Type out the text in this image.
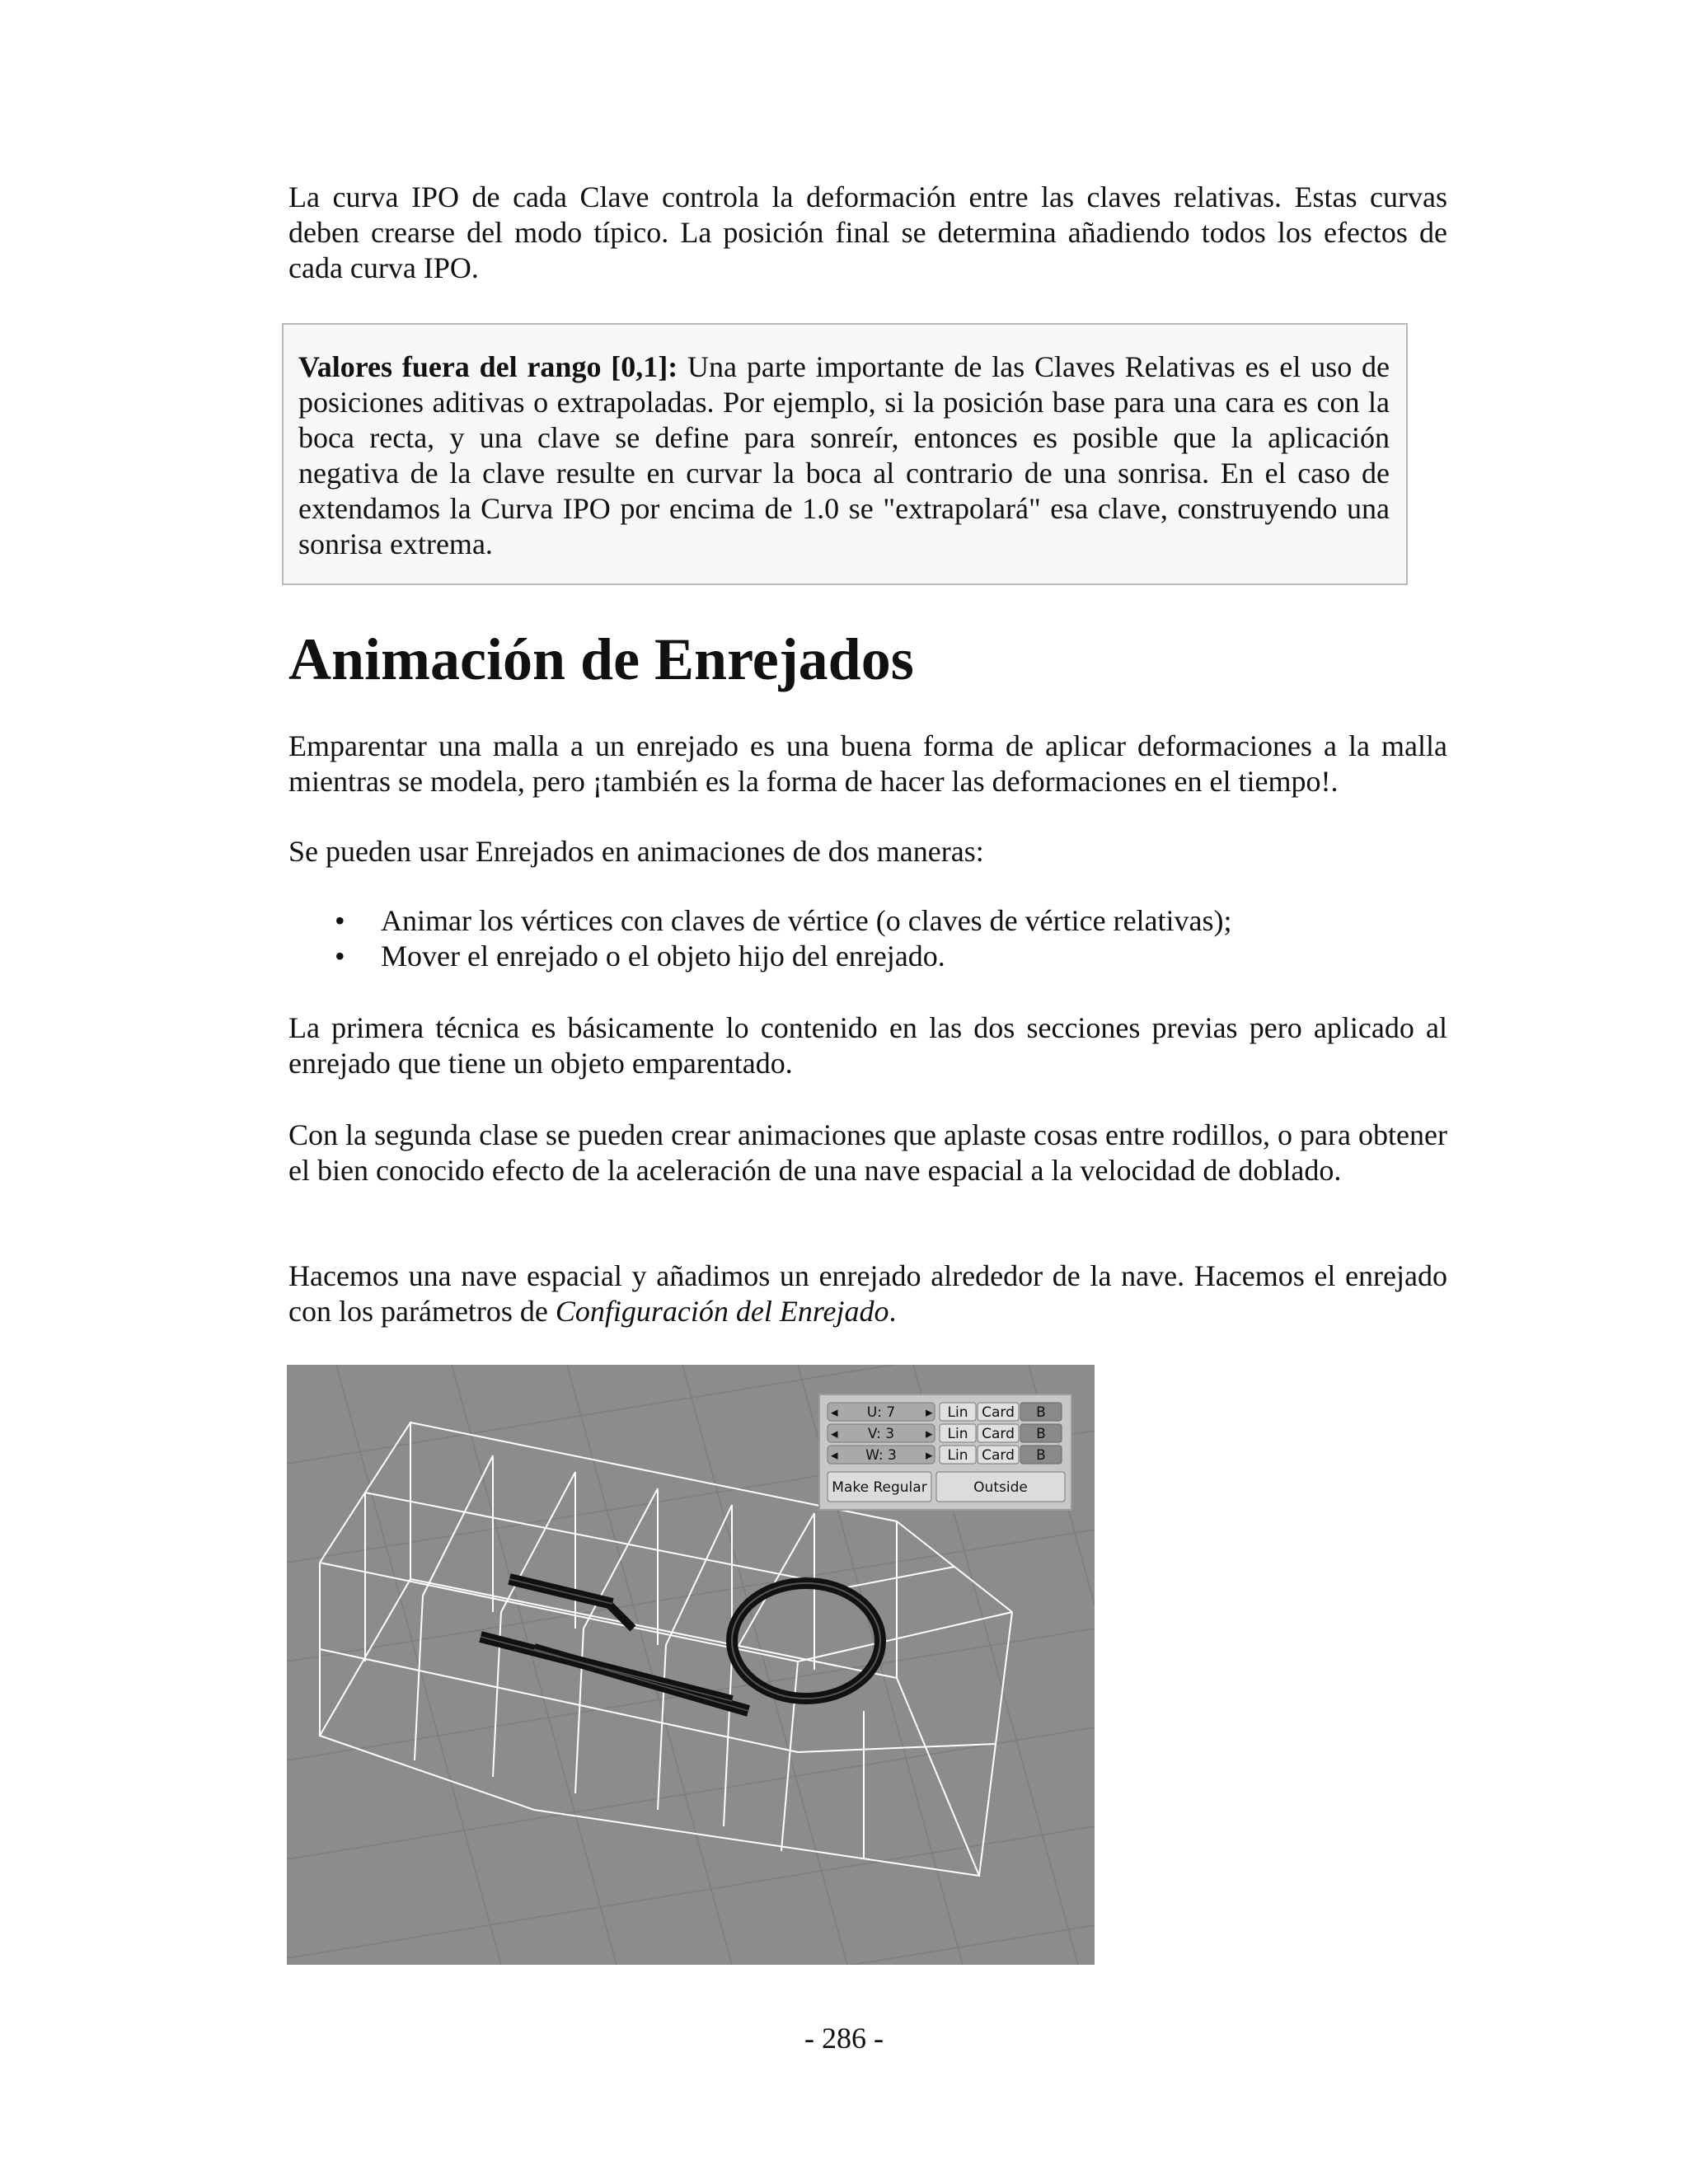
La curva IPO de cada Clave controla la deformación entre las claves relativas. Estas curvas deben crearse del modo típico. La posición final se determina añadiendo todos los efectos de cada curva IPO.

Valores fuera del rango [0,1]: Una parte importante de las Claves Relativas es el uso de posiciones aditivas o extrapoladas. Por ejemplo, si la posición base para una cara es con la boca recta, y una clave se define para sonreír, entonces es posible que la aplicación negativa de la clave resulte en curvar la boca al contrario de una sonrisa. En el caso de extendamos la Curva IPO por encima de 1.0 se "extrapolará" esa clave, construyendo una sonrisa extrema.

Animación de Enrejados

Emparentar una malla a un enrejado es una buena forma de aplicar deformaciones a la malla mientras se modela, pero ¡también es la forma de hacer las deformaciones en el tiempo!.

Se pueden usar Enrejados en animaciones de dos maneras:

• Animar los vértices con claves de vértice (o claves de vértice relativas);
• Mover el enrejado o el objeto hijo del enrejado.

La primera técnica es básicamente lo contenido en las dos secciones previas pero aplicado al enrejado que tiene un objeto emparentado.

Con la segunda clase se pueden crear animaciones que aplaste cosas entre rodillos, o para obtener el bien conocido efecto de la aceleración de una nave espacial a la velocidad de doblado.

Hacemos una nave espacial y añadimos un enrejado alrededor de la nave. Hacemos el enrejado con los parámetros de Configuración del Enrejado.

◂ U: 7 ▸ Lin Card B
◂ V: 3 ▸ Lin Card B
◂ W: 3 ▸ Lin Card B
Make Regular	Outside
- 286 -
